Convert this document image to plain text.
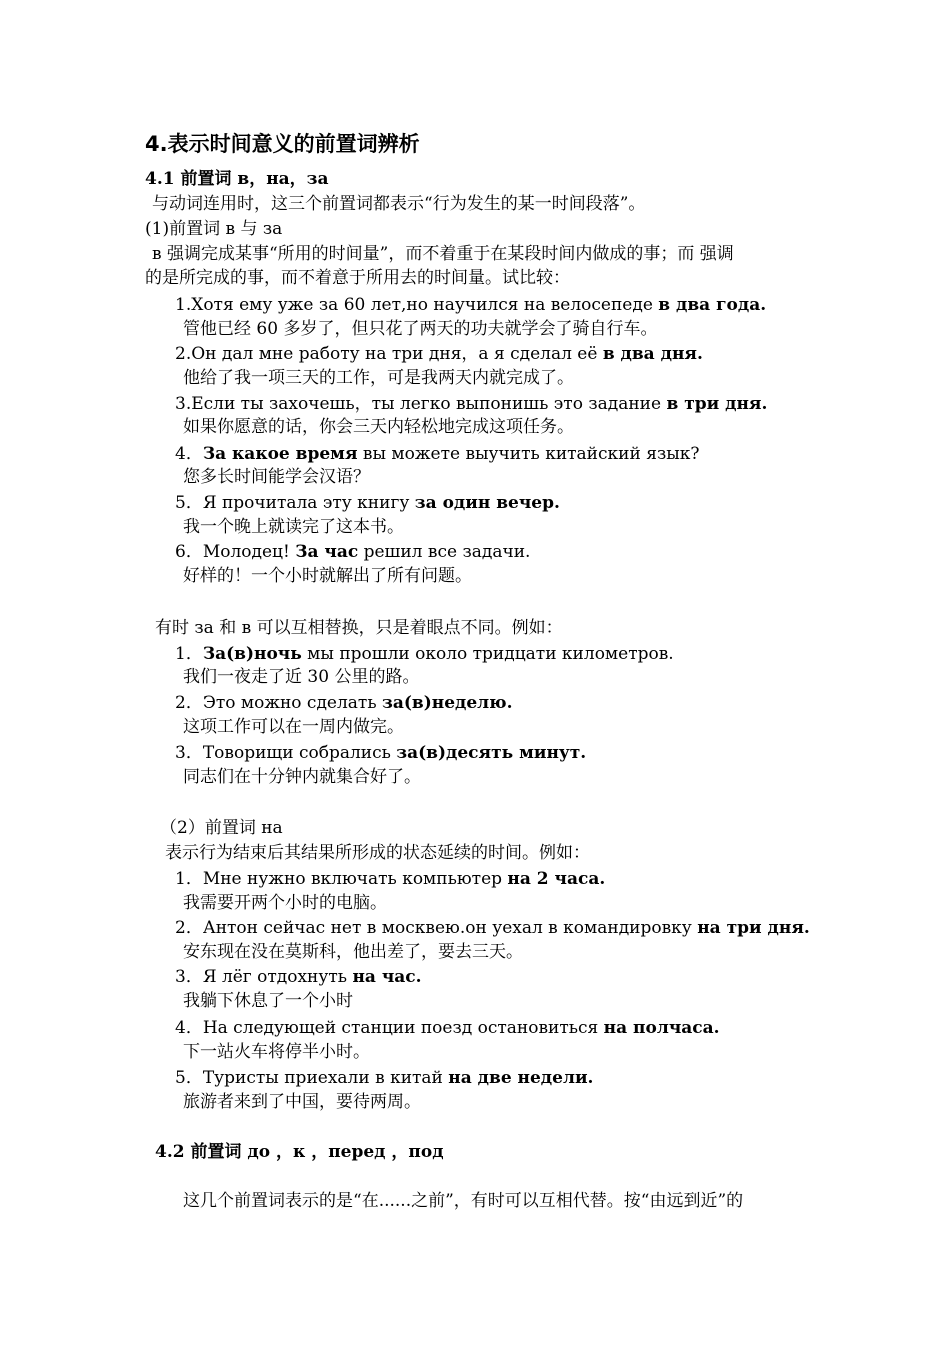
4.表示时间意义的前置词辨析
4.1 前置词 в，на，за
与动词连用时，这三个前置词都表示“行为发生的某一时间段落”。
(1)前置词 в 与 за
в 强调完成某事“所用的时间量”，而不着重于在某段时间内做成的事；而 强调
的是所完成的事，而不着意于所用去的时间量。试比较：
1.Хотя ему уже за 60 лет,но научился на велосепеде в два года.
管他已经 60 多岁了，但只花了两天的功夫就学会了骑自行车。
2.Он дал мне работу на три дня，а я сделал её в два дня.
他给了我一项三天的工作，可是我两天内就完成了。
3.Если ты захочешь，ты легко выпонишь это задание в три дня.
如果你愿意的话，你会三天内轻松地完成这项任务。
4．За какое время вы можете выучить китайский язык?
您多长时间能学会汉语？
5．Я прочитала эту книгу за один вечер.
我一个晚上就读完了这本书。
6．Молодец! За час решил все задачи.
好样的！一个小时就解出了所有问题。
有时 за 和 в 可以互相替换，只是着眼点不同。例如：
1．За(в)ночь мы прошли около тридцати километров.
我们一夜走了近 30 公里的路。
2．Это можно сделать за(в)неделю.
这项工作可以在一周内做完。
3．Товорищи собрались за(в)десять минут.
同志们在十分钟内就集合好了。
（2）前置词 на
表示行为结束后其结果所形成的状态延续的时间。例如：
1．Мне нужно включать компьютер на 2 часа.
我需要开两个小时的电脑。
2．Антон сейчас нет в москвею.он уехал в командировку на три дня.
安东现在没在莫斯科，他出差了，要去三天。
3．Я лёг отдохнуть на час.
我躺下休息了一个小时
4．На следующей станции поезд остановиться на полчаса.
下一站火车将停半小时。
5．Туристы приехали в китай на две недели.
旅游者来到了中国，要待两周。
4.2 前置词 до ，к ，перед ，под
这几个前置词表示的是“在......之前”，有时可以互相代替。按“由远到近”的
